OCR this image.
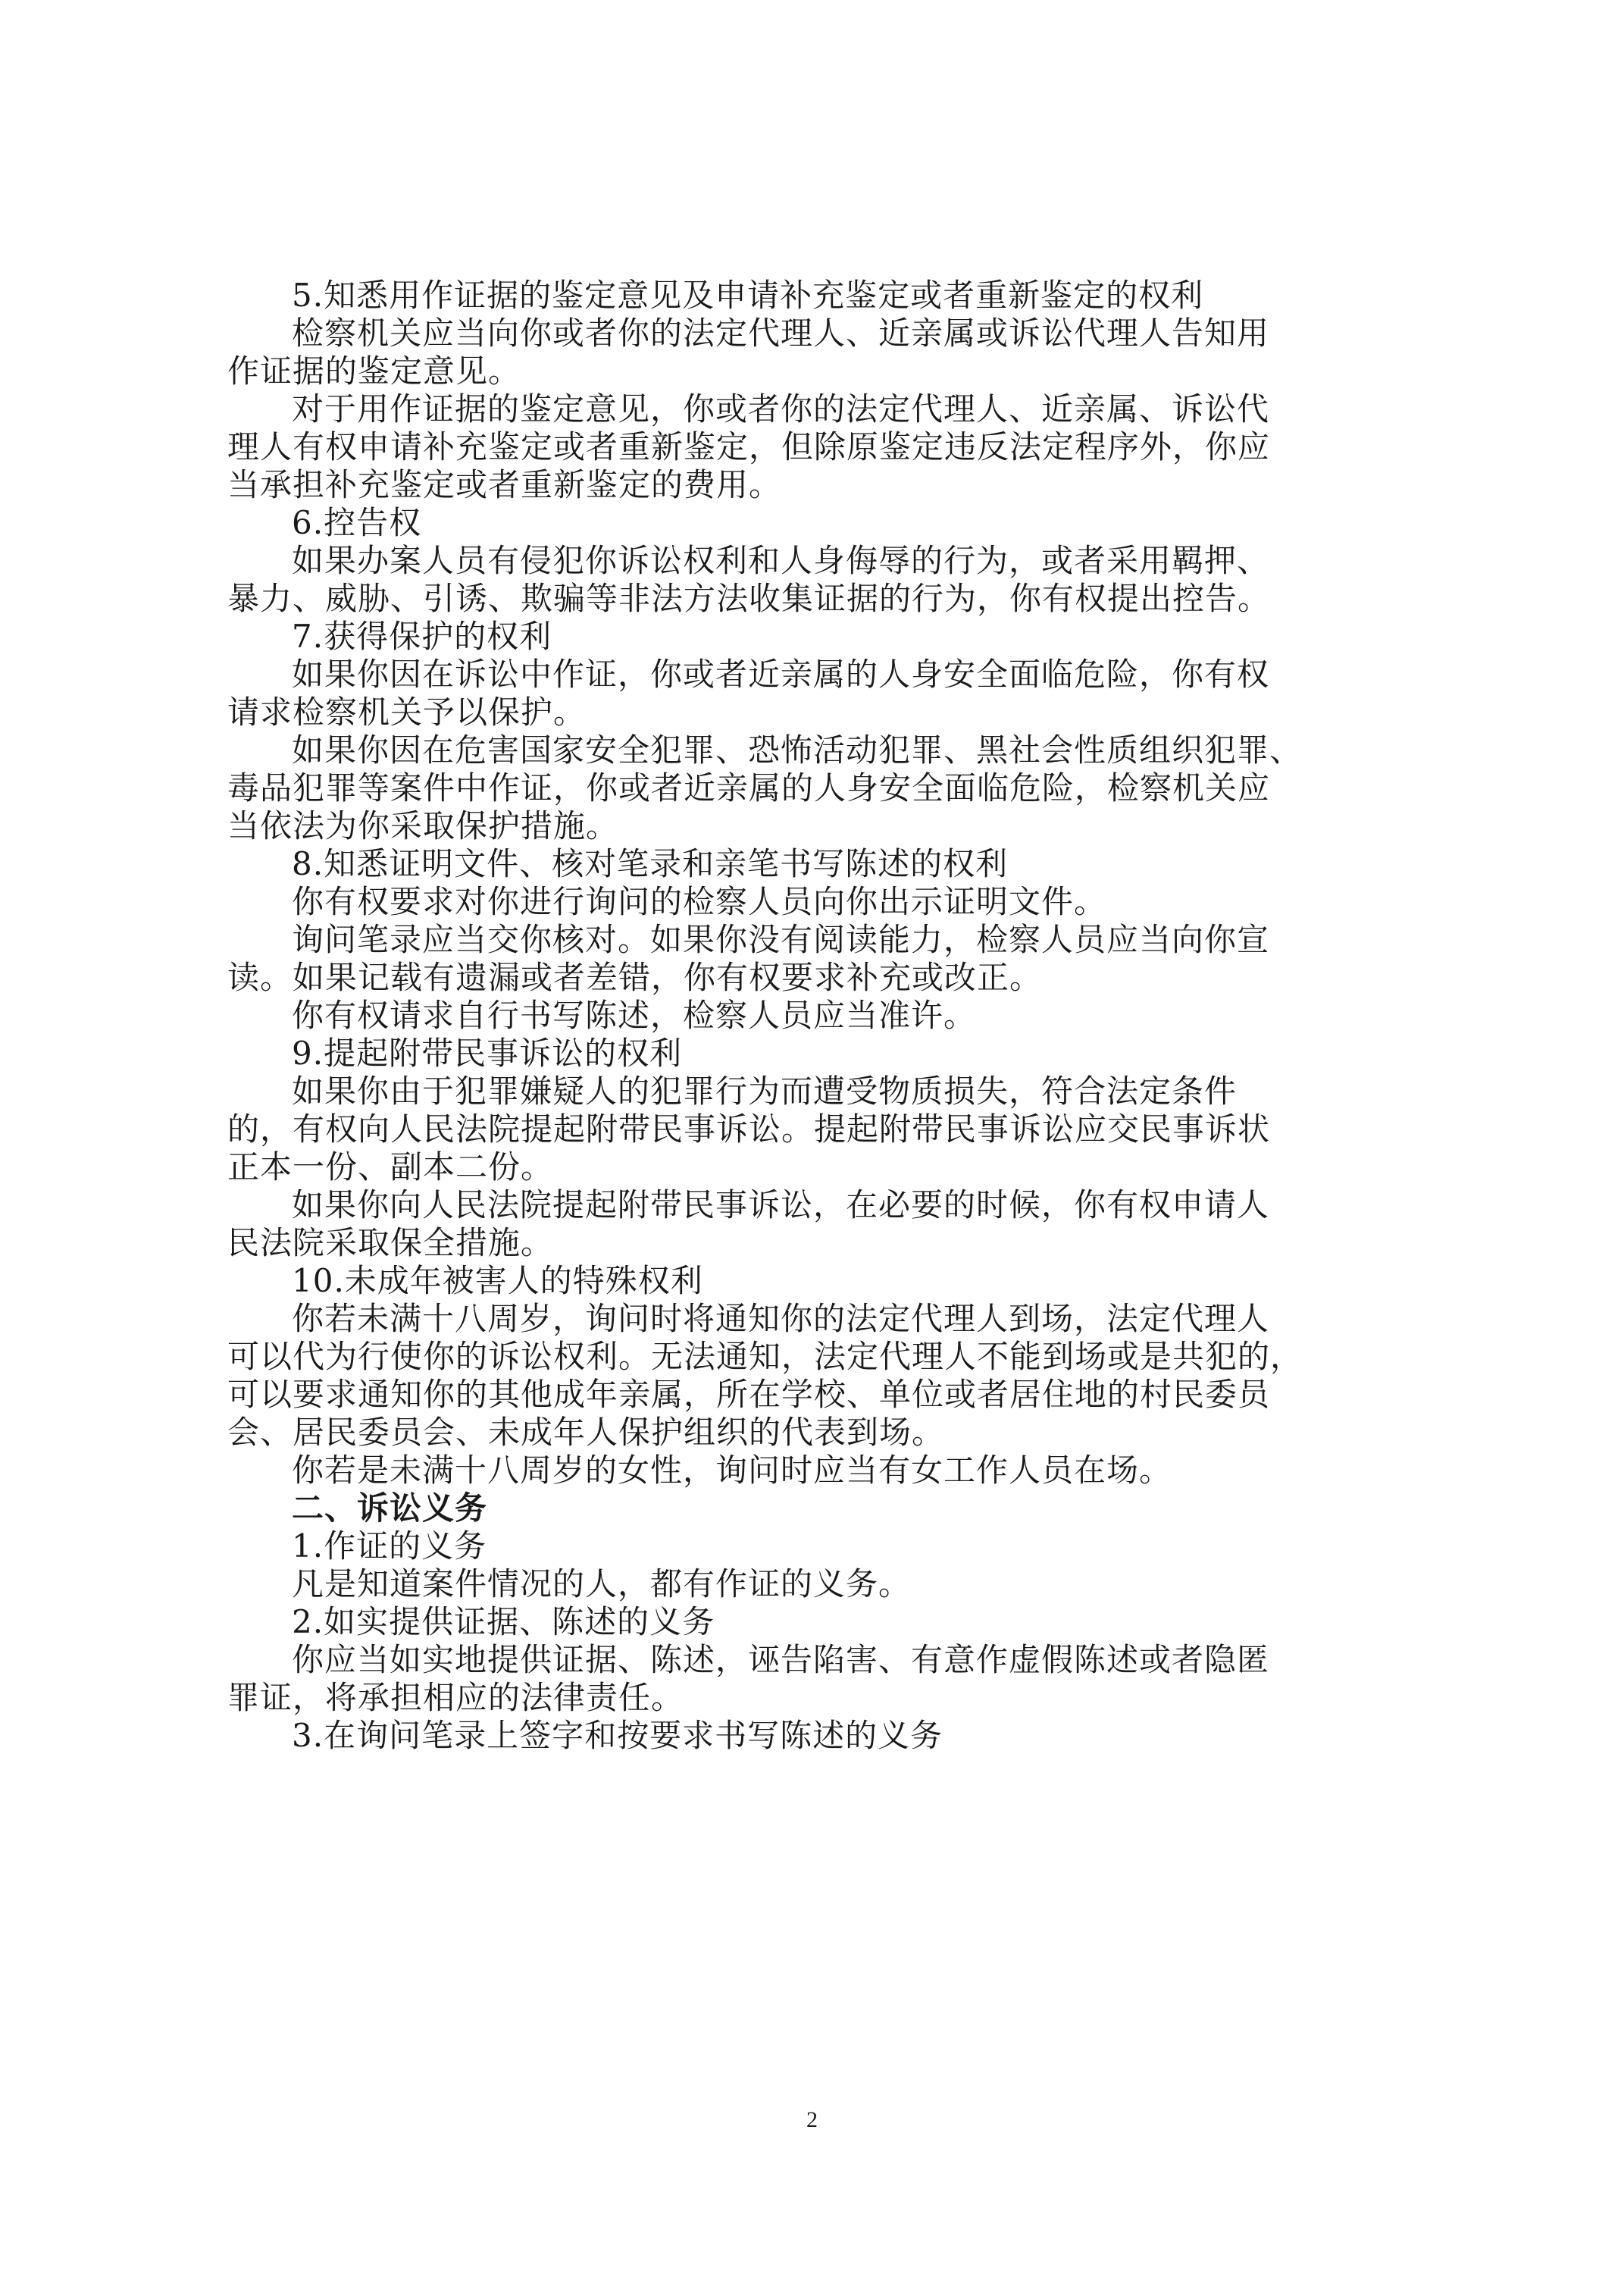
5.知悉用作证据的鉴定意见及申请补充鉴定或者重新鉴定的权利
检察机关应当向你或者你的法定代理人、近亲属或诉讼代理人告知用
作证据的鉴定意见。
对于用作证据的鉴定意见，你或者你的法定代理人、近亲属、诉讼代
理人有权申请补充鉴定或者重新鉴定，但除原鉴定违反法定程序外，你应
当承担补充鉴定或者重新鉴定的费用。
6.控告权
如果办案人员有侵犯你诉讼权利和人身侮辱的行为，或者采用羁押、
暴力、威胁、引诱、欺骗等非法方法收集证据的行为，你有权提出控告。
7.获得保护的权利
如果你因在诉讼中作证，你或者近亲属的人身安全面临危险，你有权
请求检察机关予以保护。
如果你因在危害国家安全犯罪、恐怖活动犯罪、黑社会性质组织犯罪、
毒品犯罪等案件中作证，你或者近亲属的人身安全面临危险，检察机关应
当依法为你采取保护措施。
8.知悉证明文件、核对笔录和亲笔书写陈述的权利
你有权要求对你进行询问的检察人员向你出示证明文件。
询问笔录应当交你核对。如果你没有阅读能力，检察人员应当向你宣
读。如果记载有遗漏或者差错，你有权要求补充或改正。
你有权请求自行书写陈述，检察人员应当准许。
9.提起附带民事诉讼的权利
如果你由于犯罪嫌疑人的犯罪行为而遭受物质损失，符合法定条件
的，有权向人民法院提起附带民事诉讼。提起附带民事诉讼应交民事诉状
正本一份、副本二份。
如果你向人民法院提起附带民事诉讼，在必要的时候，你有权申请人
民法院采取保全措施。
10.未成年被害人的特殊权利
你若未满十八周岁，询问时将通知你的法定代理人到场，法定代理人
可以代为行使你的诉讼权利。无法通知，法定代理人不能到场或是共犯的，
可以要求通知你的其他成年亲属，所在学校、单位或者居住地的村民委员
会、居民委员会、未成年人保护组织的代表到场。
你若是未满十八周岁的女性，询问时应当有女工作人员在场。
二、诉讼义务
1.作证的义务
凡是知道案件情况的人，都有作证的义务。
2.如实提供证据、陈述的义务
你应当如实地提供证据、陈述，诬告陷害、有意作虚假陈述或者隐匿
罪证，将承担相应的法律责任。
3.在询问笔录上签字和按要求书写陈述的义务
2
